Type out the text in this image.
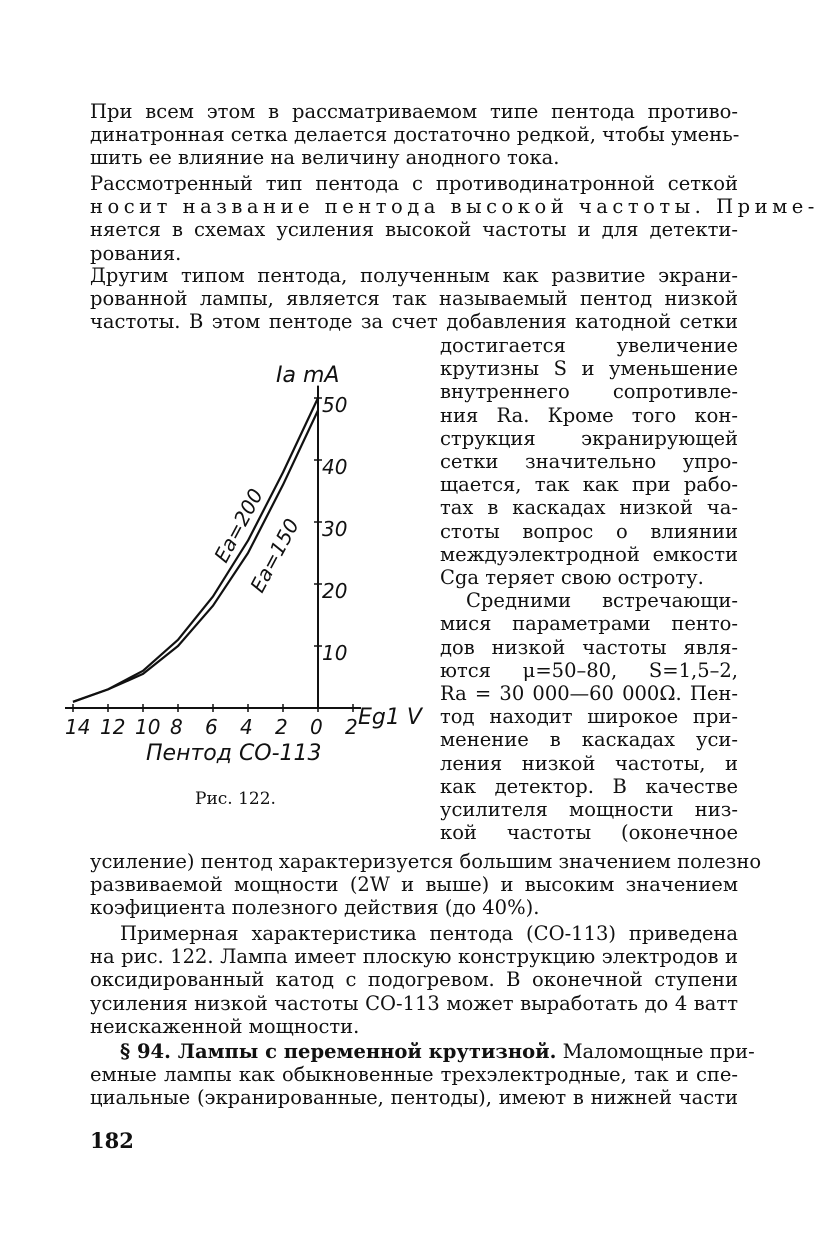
При всем этом в рассматриваемом типе пентода противо-
динатронная сетка делается достаточно редкой, чтобы умень-
шить ее влияние на величину анодного тока.
Рассмотренный тип пентода с противодинатронной сеткой
носит название пентода высокой частоты. Приме-
няется в схемах усиления высокой частоты и для детекти-
рования.
Другим типом пентода, полученным как развитие экрани-
рованной лампы, является так называемый пентод низкой
частоты. В этом пентоде за счет добавления катодной сетки
достигается увеличение
крутизны S и уменьшение
внутреннего сопротивле-
ния Ra. Кроме того кон-
струкция экранирующей
сетки значительно упро-
щается, так как при рабо-
тах в каскадах низкой ча-
стоты вопрос о влиянии
междуэлектродной емкости
Cga теряет свою остроту.
Средними встречающи-
мися параметрами пенто-
дов низкой частоты явля-
ются μ=50–80, S=1,5–2,
Ra = 30 000—60 000Ω. Пен-
тод находит широкое при-
менение в каскадах уси-
ления низкой частоты, и
как детектор. В качестве
усилителя мощности низ-
кой частоты (оконечное
50
40
30
20
10
14 12 10 8 6 4 2 0 2
Ia mA
Eg1 V
Ea=200
Ea=150
Пентод СО-113
Рис. 122.
усиление) пентод характеризуется большим значением полезно
развиваемой мощности (2W и выше) и высоким значением
коэфициента полезного действия (до 40%).
Примерная характеристика пентода (СО-113) приведена
на рис. 122. Лампа имеет плоскую конструкцию электродов и
оксидированный катод с подогревом. В оконечной ступени
усиления низкой частоты СО-113 может выработать до 4 ватт
неискаженной мощности.
§ 94. Лампы с переменной крутизной. Маломощные при-
емные лампы как обыкновенные трехэлектродные, так и спе-
циальные (экранированные, пентоды), имеют в нижней части
182
